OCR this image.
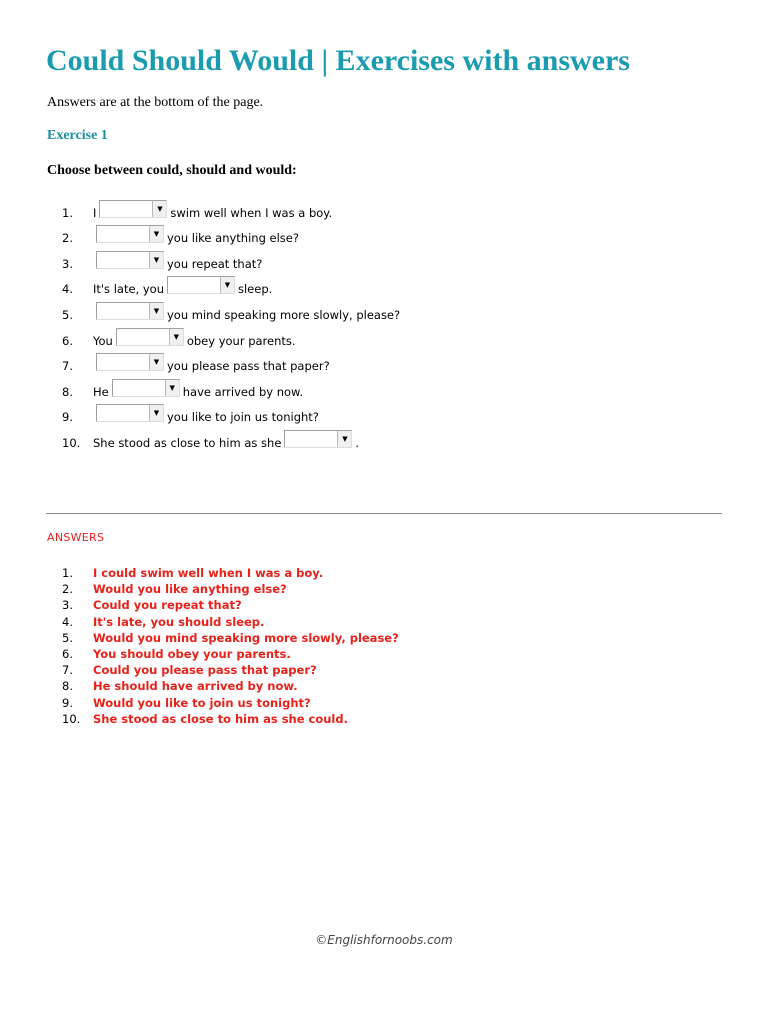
Could Should Would | Exercises with answers

Answers are at the bottom of the page.

Exercise 1

Choose between could, should and would:

1.	I	▼ swim well when I was a boy.
2.	▼ you like anything else?
3.	▼ you repeat that?
4.	It's late, you	▼ sleep.
5.	▼ you mind speaking more slowly, please?
6.	You	▼ obey your parents.
7.	▼ you please pass that paper?
8.	He	▼ have arrived by now.
9.	▼ you like to join us tonight?
10.	She stood as close to him as she	▼ .

ANSWERS

1. I could swim well when I was a boy.
2. Would you like anything else?
3. Could you repeat that?
4. It's late, you should sleep.
5. Would you mind speaking more slowly, please?
6. You should obey your parents.
7. Could you please pass that paper?
8. He should have arrived by now.
9. Would you like to join us tonight?
10. She stood as close to him as she could.

©Englishfornoobs.com
